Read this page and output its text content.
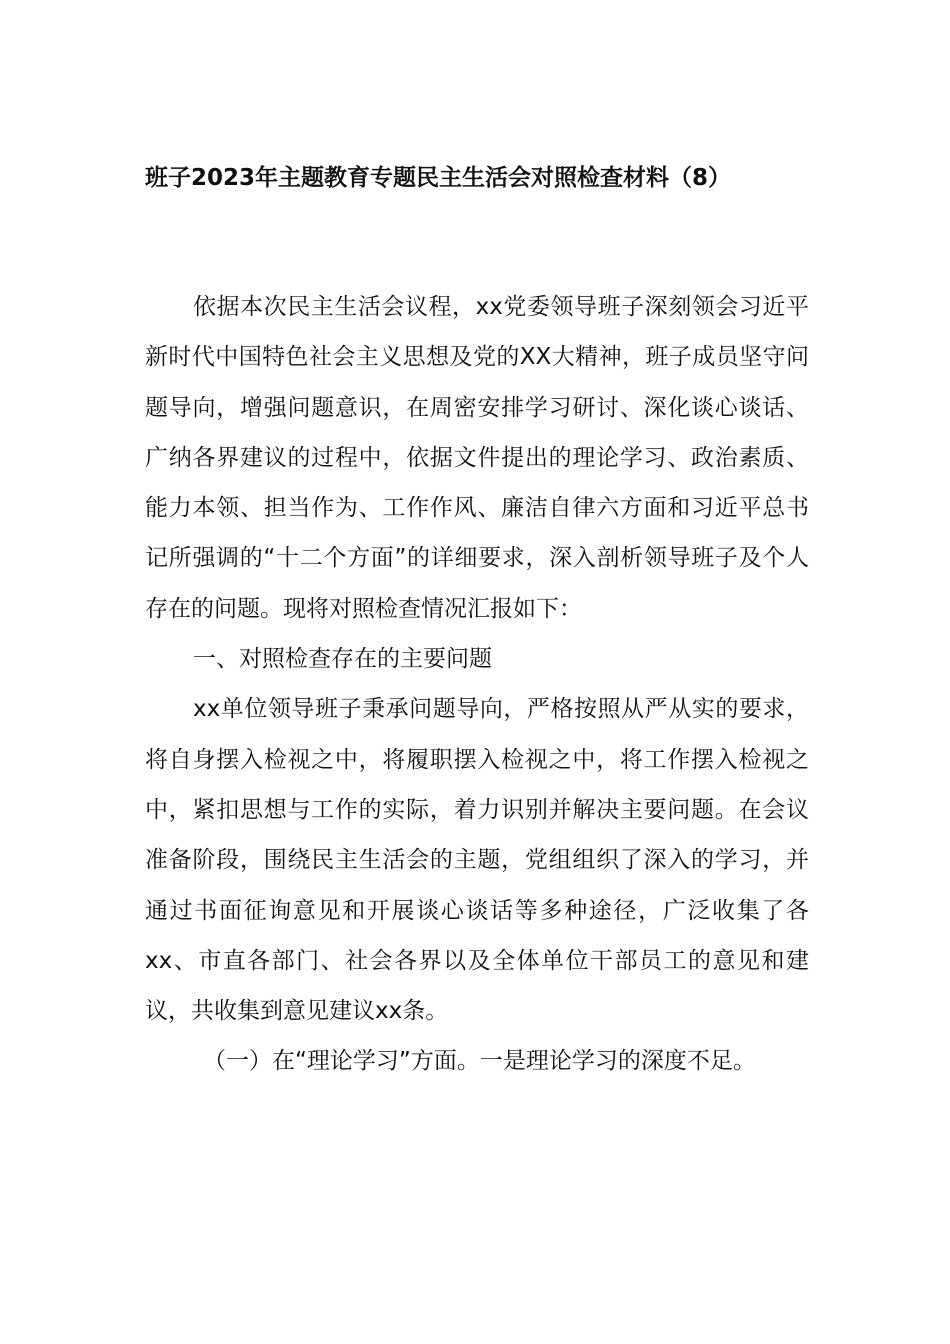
班子2023年主题教育专题民主生活会对照检查材料（8）

依据本次民主生活会议程，xx党委领导班子深刻领会习近平新时代中国特色社会主义思想及党的XX大精神，班子成员坚守问题导向，增强问题意识，在周密安排学习研讨、深化谈心谈话、广纳各界建议的过程中，依据文件提出的理论学习、政治素质、能力本领、担当作为、工作作风、廉洁自律六方面和习近平总书记所强调的“十二个方面”的详细要求，深入剖析领导班子及个人存在的问题。现将对照检查情况汇报如下：

一、对照检查存在的主要问题

xx单位领导班子秉承问题导向，严格按照从严从实的要求，将自身摆入检视之中，将履职摆入检视之中，将工作摆入检视之中，紧扣思想与工作的实际，着力识别并解决主要问题。在会议准备阶段，围绕民主生活会的主题，党组组织了深入的学习，并通过书面征询意见和开展谈心谈话等多种途径，广泛收集了各xx、市直各部门、社会各界以及全体单位干部员工的意见和建议，共收集到意见建议xx条。

（一）在“理论学习”方面。一是理论学习的深度不足。
